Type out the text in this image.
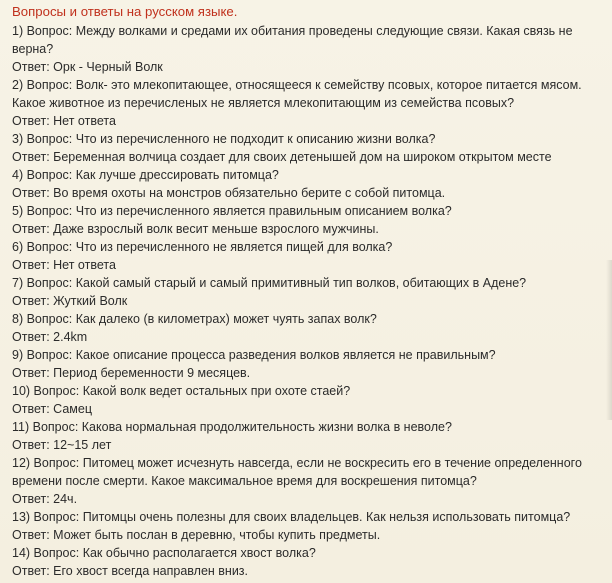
Вопросы и ответы на русском языке.

1) Вопрос: Между волками и средами их обитания проведены следующие связи. Какая связь не верна?

Ответ: Орк - Черный Волк

2) Вопрос: Волк- это млекопитающее, относящееся к семейству псовых, которое питается мясом. Какое животное из перечисленых не является млекопитающим из семейства псовых?

Ответ: Нет ответа

3) Вопрос: Что из перечисленного не подходит к описанию жизни волка?

Ответ: Беременная волчица создает для своих детенышей дом на широком открытом месте

4) Вопрос: Как лучше дрессировать питомца?

Ответ: Во время охоты на монстров обязательно берите с собой питомца.

5) Вопрос: Что из перечисленного является правильным описанием волка?

Ответ: Даже взрослый волк весит меньше взрослого мужчины.

6) Вопрос: Что из перечисленного не является пищей для волка?

Ответ: Нет ответа

7) Вопрос: Какой самый старый и самый примитивный тип волков, обитающих в Адене?

Ответ: Жуткий Волк

8) Вопрос: Как далеко (в километрах) может чуять запах волк?

Ответ: 2.4km

9) Вопрос: Какое описание процесса разведения волков является не правильным?

Ответ: Период беременности 9 месяцев.

10) Вопрос: Какой волк ведет остальных при охоте стаей?

Ответ: Самец

11) Вопрос: Какова нормальная продолжительность жизни волка в неволе?

Ответ: 12~15 лет

12) Вопрос: Питомец может исчезнуть навсегда, если не воскресить его в течение определенного времени после смерти. Какое максимальное время для воскрешения питомца?

Ответ: 24ч.

13) Вопрос: Питомцы очень полезны для своих владельцев. Как нельзя использовать питомца?

Ответ: Может быть послан в деревню, чтобы купить предметы.

14) Вопрос: Как обычно располагается хвост волка?

Ответ: Его хвост всегда направлен вниз.
